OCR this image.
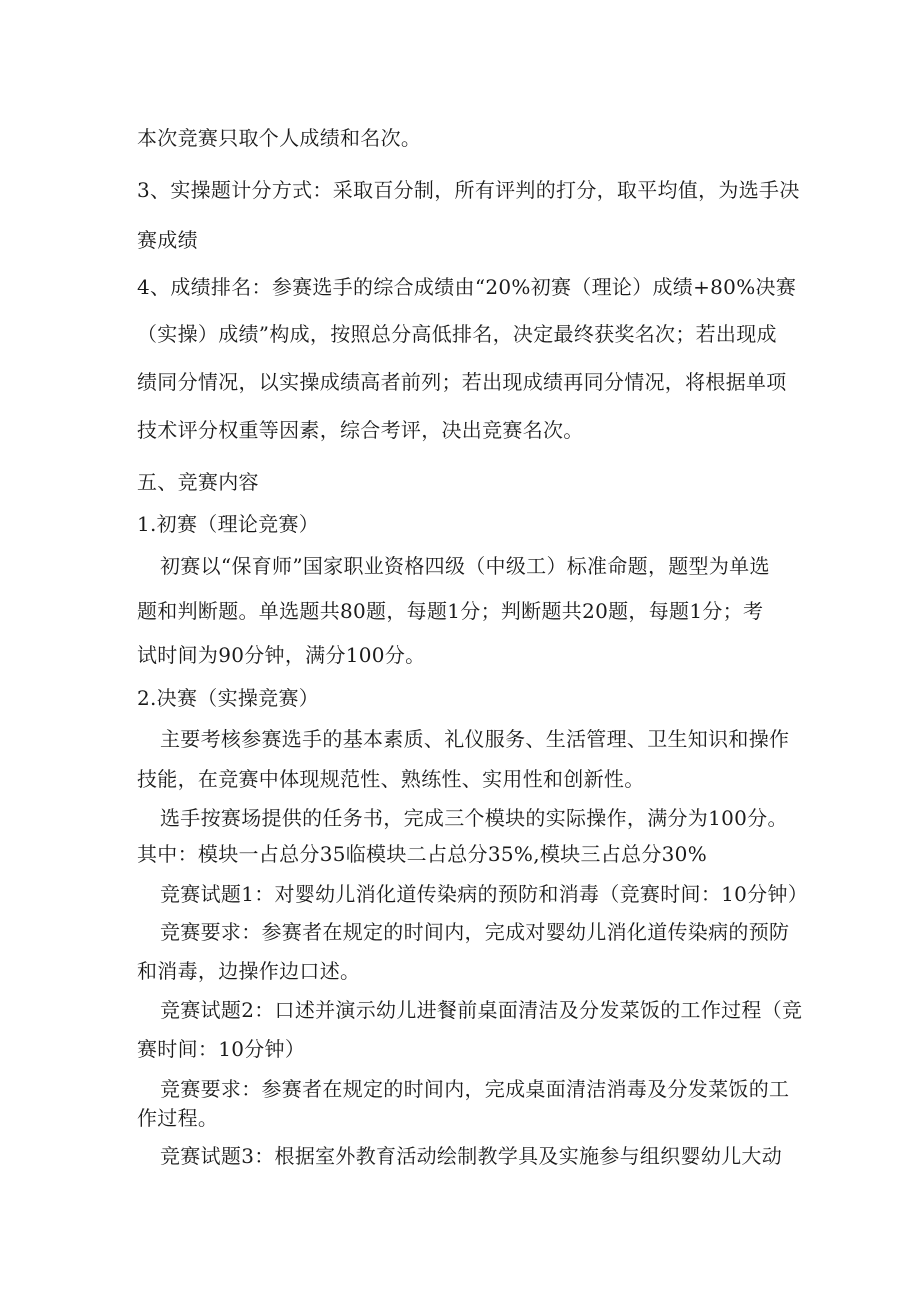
本次竞赛只取个人成绩和名次。
3、实操题计分方式：采取百分制，所有评判的打分，取平均值，为选手决
赛成绩
4、成绩排名：参赛选手的综合成绩由“20%初赛（理论）成绩+80%决赛
（实操）成绩”构成，按照总分高低排名，决定最终获奖名次；若出现成
绩同分情况，以实操成绩高者前列；若出现成绩再同分情况，将根据单项
技术评分权重等因素，综合考评，决出竞赛名次。
五、竞赛内容
1.初赛（理论竞赛）
初赛以“保育师”国家职业资格四级（中级工）标准命题，题型为单选
题和判断题。单选题共80题，每题1分；判断题共20题，每题1分；考
试时间为90分钟，满分100分。
2.决赛（实操竞赛）
主要考核参赛选手的基本素质、礼仪服务、生活管理、卫生知识和操作
技能，在竞赛中体现规范性、熟练性、实用性和创新性。
选手按赛场提供的任务书，完成三个模块的实际操作，满分为100分。
其中：模块一占总分35临模块二占总分35%,模块三占总分30%
竞赛试题1：对婴幼儿消化道传染病的预防和消毒（竞赛时间：10分钟）
竞赛要求：参赛者在规定的时间内，完成对婴幼儿消化道传染病的预防
和消毒，边操作边口述。
竞赛试题2：口述并演示幼儿进餐前桌面清洁及分发菜饭的工作过程（竞
赛时间：10分钟）
竞赛要求：参赛者在规定的时间内，完成桌面清洁消毒及分发菜饭的工
作过程。
竞赛试题3：根据室外教育活动绘制教学具及实施参与组织婴幼儿大动
